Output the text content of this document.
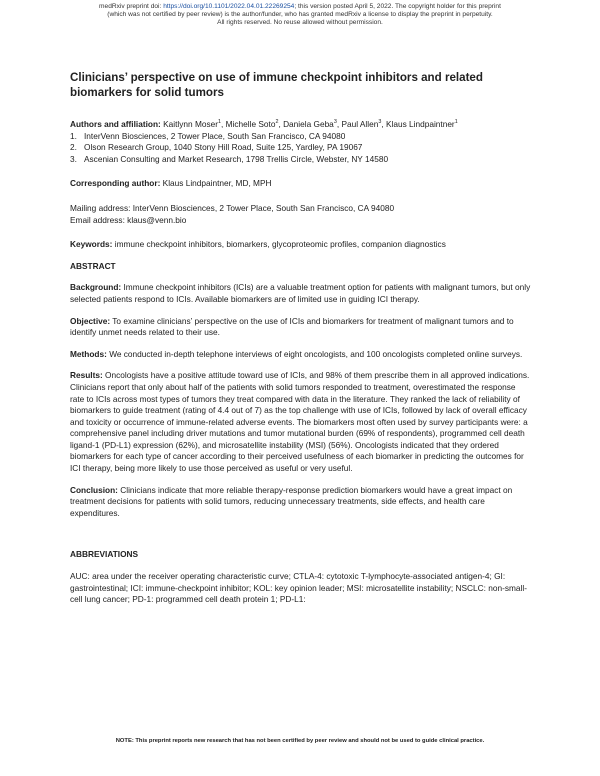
medRxiv preprint doi: https://doi.org/10.1101/2022.04.01.22269254; this version posted April 5, 2022. The copyright holder for this preprint
(which was not certified by peer review) is the author/funder, who has granted medRxiv a license to display the preprint in perpetuity.
All rights reserved. No reuse allowed without permission.
Clinicians’ perspective on use of immune checkpoint inhibitors and related biomarkers for solid tumors

Authors and affiliation: Kaitlynn Moser$^1$, Michelle Soto$^2$, Daniela Geba$^3$, Paul Allen$^3$, Klaus Lindpaintner$^1$

1. InterVenn Biosciences, 2 Tower Place, South San Francisco, CA 94080
2. Olson Research Group, 1040 Stony Hill Road, Suite 125, Yardley, PA 19067
3. Ascenian Consulting and Market Research, 1798 Trellis Circle, Webster, NY 14580

Corresponding author: Klaus Lindpaintner, MD, MPH

Mailing address: InterVenn Biosciences, 2 Tower Place, South San Francisco, CA 94080
Email address: klaus@venn.bio

Keywords: immune checkpoint inhibitors, biomarkers, glycoproteomic profiles, companion diagnostics

ABSTRACT

Background: Immune checkpoint inhibitors (ICIs) are a valuable treatment option for patients with malignant tumors, but only selected patients respond to ICIs. Available biomarkers are of limited use in guiding ICI therapy.

Objective: To examine clinicians’ perspective on the use of ICIs and biomarkers for treatment of malignant tumors and to identify unmet needs related to their use.

Methods: We conducted in-depth telephone interviews of eight oncologists, and 100 oncologists completed online surveys.

Results: Oncologists have a positive attitude toward use of ICIs, and 98% of them prescribe them in all approved indications. Clinicians report that only about half of the patients with solid tumors responded to treatment, overestimated the response rate to ICIs across most types of tumors they treat compared with data in the literature. They ranked the lack of reliability of biomarkers to guide treatment (rating of 4.4 out of 7) as the top challenge with use of ICIs, followed by lack of overall efficacy and toxicity or occurrence of immune-related adverse events. The biomarkers most often used by survey participants were: a comprehensive panel including driver mutations and tumor mutational burden (69% of respondents), programmed cell death ligand-1 (PD-L1) expression (62%), and microsatellite instability (MSI) (56%). Oncologists indicated that they ordered biomarkers for each type of cancer according to their perceived usefulness of each biomarker in predicting the outcomes for ICI therapy, being more likely to use those perceived as useful or very useful.

Conclusion: Clinicians indicate that more reliable therapy-response prediction biomarkers would have a great impact on treatment decisions for patients with solid tumors, reducing unnecessary treatments, side effects, and health care expenditures.

ABBREVIATIONS

AUC: area under the receiver operating characteristic curve; CTLA-4: cytotoxic T-lymphocyte-associated antigen-4; GI: gastrointestinal; ICI: immune-checkpoint inhibitor; KOL: key opinion leader; MSI: microsatellite instability; NSCLC: non-small-cell lung cancer; PD-1: programmed cell death protein 1; PD-L1:

NOTE: This preprint reports new research that has not been certified by peer review and should not be used to guide clinical practice.
